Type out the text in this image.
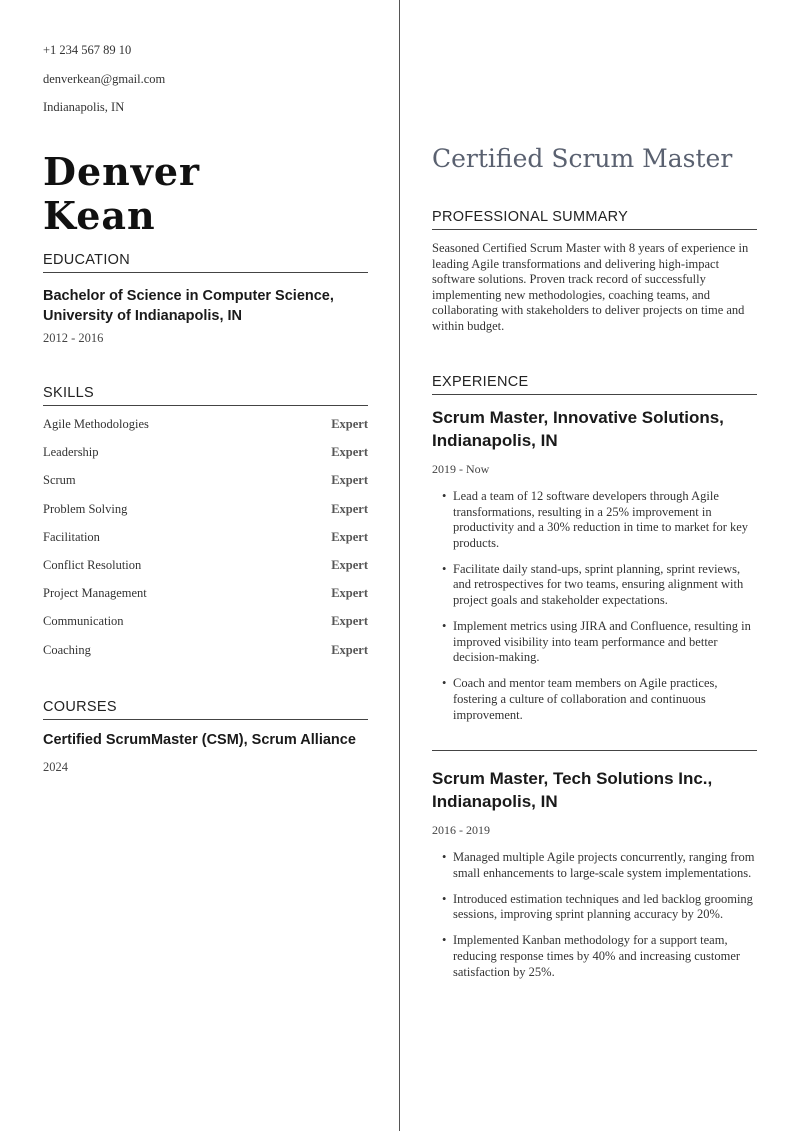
+1 234 567 89 10
denverkean@gmail.com
Indianapolis, IN
Denver
Kean
EDUCATION
Bachelor of Science in Computer Science, University of Indianapolis, IN
2012 - 2016
SKILLS
Agile Methodologies	Expert
Leadership	Expert
Scrum	Expert
Problem Solving	Expert
Facilitation	Expert
Conflict Resolution	Expert
Project Management	Expert
Communication	Expert
Coaching	Expert
COURSES
Certified ScrumMaster (CSM), Scrum Alliance
2024
Certified Scrum Master
PROFESSIONAL SUMMARY
Seasoned Certified Scrum Master with 8 years of experience in leading Agile transformations and delivering high-impact software solutions. Proven track record of successfully implementing new methodologies, coaching teams, and collaborating with stakeholders to deliver projects on time and within budget.
EXPERIENCE
Scrum Master, Innovative Solutions, Indianapolis, IN
2019 - Now
• Lead a team of 12 software developers through Agile transformations, resulting in a 25% improvement in productivity and a 30% reduction in time to market for key products.
• Facilitate daily stand-ups, sprint planning, sprint reviews, and retrospectives for two teams, ensuring alignment with project goals and stakeholder expectations.
• Implement metrics using JIRA and Confluence, resulting in improved visibility into team performance and better decision-making.
• Coach and mentor team members on Agile practices, fostering a culture of collaboration and continuous improvement.
Scrum Master, Tech Solutions Inc., Indianapolis, IN
2016 - 2019
• Managed multiple Agile projects concurrently, ranging from small enhancements to large-scale system implementations.
• Introduced estimation techniques and led backlog grooming sessions, improving sprint planning accuracy by 20%.
• Implemented Kanban methodology for a support team, reducing response times by 40% and increasing customer satisfaction by 25%.
